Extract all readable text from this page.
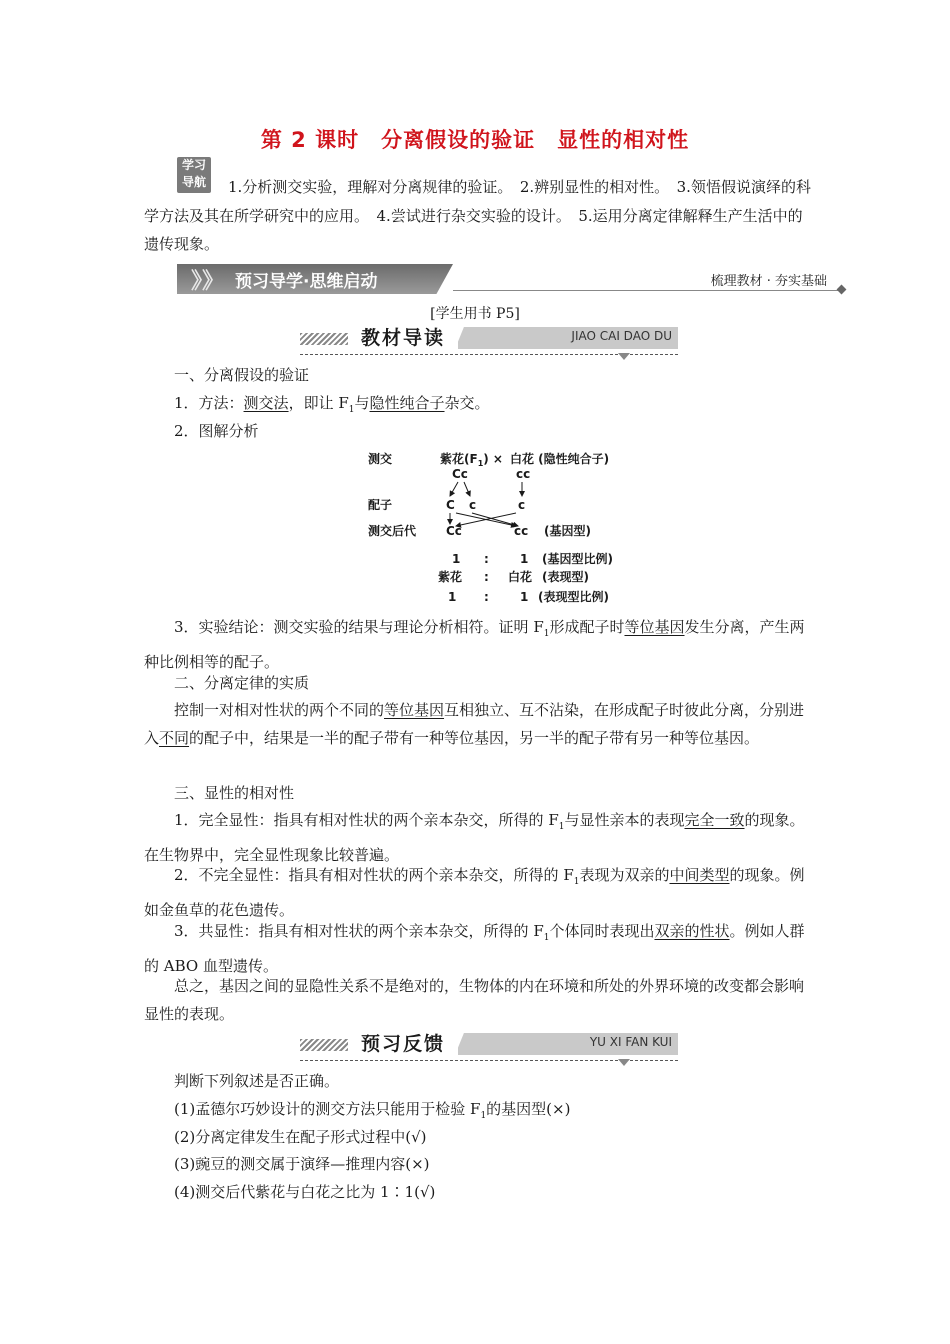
第 2 课时 分离假设的验证 显性的相对性
学习
导航	1.分析测交实验，理解对分离规律的验证。　2.辨别显性的相对性。　3.领悟假说演绎的科学方法及其在所学研究中的应用。　4.尝试进行杂交实验的设计。　5.运用分离定律解释生产生活中的遗传现象。
》》 预习导学·思维启动	梳理教材 · 夯实基础
[学生用书 P5]
教材导读	JIAO CAI DAO DU
一、分离假设的验证
1．方法：测交法，即让 $F_1$与隐性纯合子杂交。
2．图解分析
测交	紫花$(F_1)$ × 白花 (隐性纯合子)
Cc	cc
配子	C c	c
测交后代 Cc	cc (基因型)
1 :	1 (基因型比例)
紫花 : 白花 (表现型)
1 :	1 (表现型比例)
3．实验结论：测交实验的结果与理论分析相符。证明 $F_1$形成配子时等位基因发生分离，产生两种比例相等的配子。
二、分离定律的实质
控制一对相对性状的两个不同的等位基因互相独立、互不沾染，在形成配子时彼此分离，分别进入不同的配子中，结果是一半的配子带有一种等位基因，另一半的配子带有另一种等位基因。
三、显性的相对性
1．完全显性：指具有相对性状的两个亲本杂交，所得的 $F_1$与显性亲本的表现完全一致的现象。在生物界中，完全显性现象比较普遍。
2．不完全显性：指具有相对性状的两个亲本杂交，所得的 $F_1$表现为双亲的中间类型的现象。例如金鱼草的花色遗传。
3．共显性：指具有相对性状的两个亲本杂交，所得的 $F_1$个体同时表现出双亲的性状。例如人群的 ABO 血型遗传。
总之，基因之间的显隐性关系不是绝对的，生物体的内在环境和所处的外界环境的改变都会影响显性的表现。
预习反馈	YU XI FAN KUI
判断下列叙述是否正确。
(1)孟德尔巧妙设计的测交方法只能用于检验 $F_1$的基因型(×)
(2)分离定律发生在配子形式过程中(√)
(3)豌豆的测交属于演绎—推理内容(×)
(4)测交后代紫花与白花之比为 1∶1(√)
